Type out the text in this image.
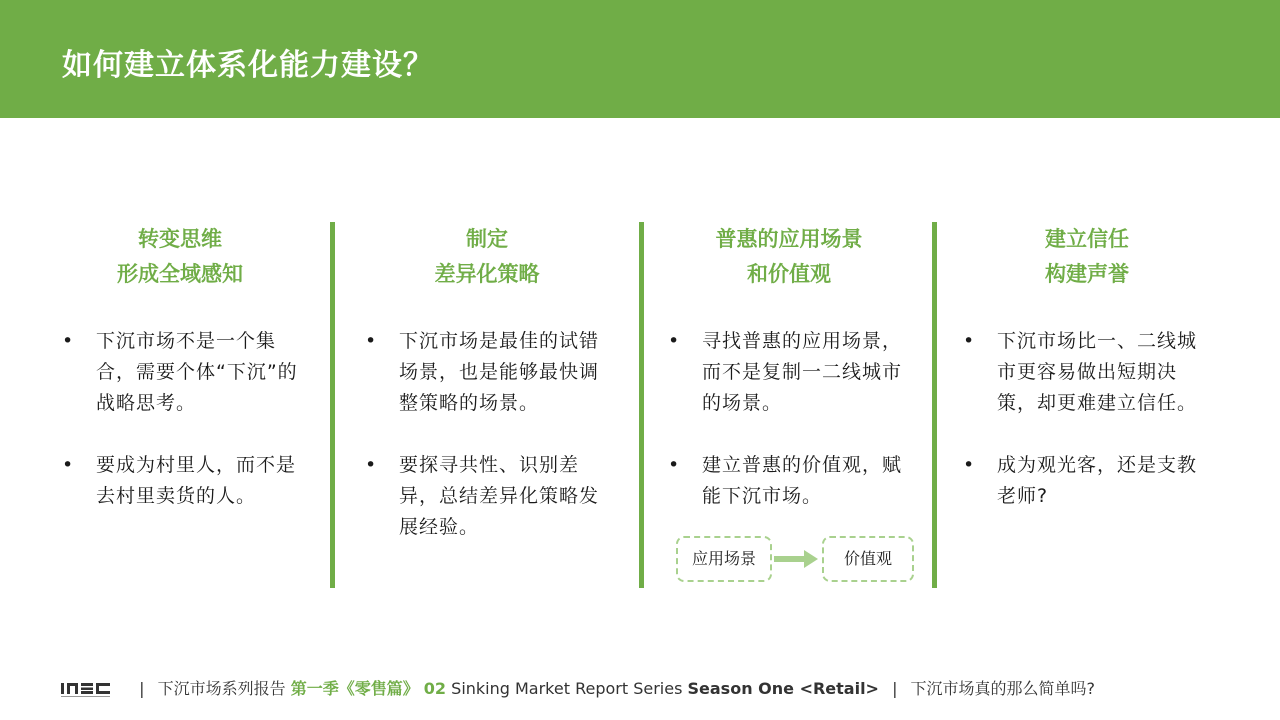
如何建立体系化能力建设？
转变思维
形成全域感知
• 下沉市场不是一个集合，需要个体“下沉”的战略思考。
• 要成为村里人，而不是去村里卖货的人。
制定
差异化策略
• 下沉市场是最佳的试错场景，也是能够最快调整策略的场景。
• 要探寻共性、识别差异，总结差异化策略发展经验。
普惠的应用场景
和价值观
• 寻找普惠的应用场景，而不是复制一二线城市的场景。
• 建立普惠的价值观，赋能下沉市场。
建立信任
构建声誉
• 下沉市场比一、二线城市更容易做出短期决策，却更难建立信任。
• 成为观光客，还是支教老师?
应用场景	价值观
| 下沉市场系列报告 第一季《零售篇》 02 Sinking Market Report Series Season One <Retail> | 下沉市场真的那么简单吗?
